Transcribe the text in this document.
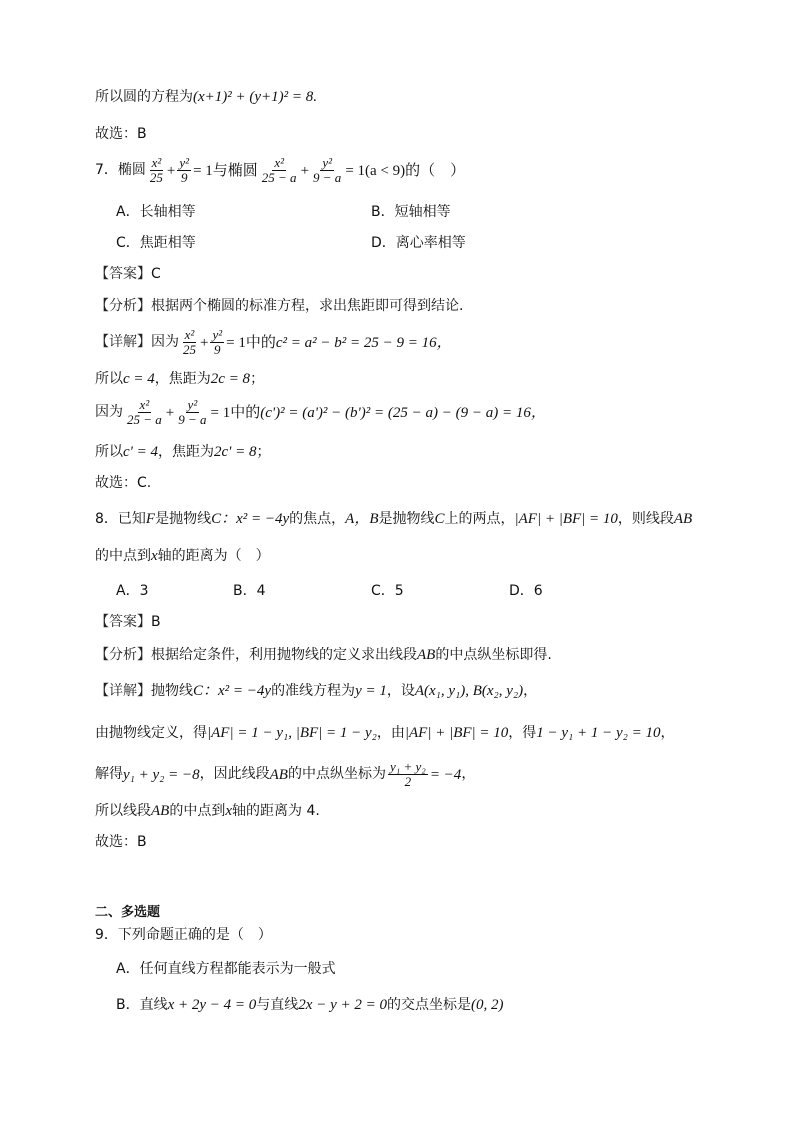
所以圆的方程为 (x+1)² + (y+1)² = 8.
故选：B
7．椭圆 $\frac{\text{x²}}{25} + \frac{\text{y²}}{9} = 1$与椭圆 $\frac{\text{x²}}{25 - a} + \frac{\text{y²}}{9 - a} = 1(a < 9)$的（　）
A．长轴相等	B．短轴相等
C．焦距相等	D．离心率相等
【 答案 】	C
【 分析 】	根据两个椭圆的标准方程，求出焦距即可得到结论.
【 详解 】	因为 $\frac{\text{x²}}{25} + \frac{\text{y²}}{9} = 1$中的 c² = a² − b² = 25 − 9 = 16，
所以 c = 4 ，焦距为 2c = 8 ；
因为 $\frac{\text{x²}}{25 - a} + \frac{\text{y²}}{9 - a} = 1$中的 (c')² = (a')² − (b')² = (25 − a) − (9 − a) = 16，
所以 c' = 4 ，焦距为 2c' = 8 ；
故选：C.
8．已知 F 是抛物线 C：x² = −4y 的焦点， A，B 是抛物线 C 上的两点， |AF| + |BF| = 10 ，则线段 AB
的中点到 x 轴的距离为（　）
A．3	B．4	C．5	D．6
【 答案 】	B
【 分析 】	根据给定条件，利用抛物线的定义求出线段 AB 的中点纵坐标即得.
【 详解 】	抛物线 C：x² = −4y 的准线方程为 y = 1 ，设 A(x₁, y₁), B(x₂, y₂) ，
由抛物线定义，得 |AF| = 1 − y₁, |BF| = 1 − y₂ ，由 |AF| + |BF| = 10 ，得 1 − y₁ + 1 − y₂ = 10 ，
解得 y₁ + y₂ = −8 ，因此线段 AB 的中点纵坐标为 $\frac{\text{y₁ + y₂}}{2} = -4$ ，
所以线段 AB 的中点到 x 轴的距离为 4.
故选：B
二、多选题
9．下列命题正确的是（　）
A．任何直线方程都能表示为一般式
B．直线 x + 2y − 4 = 0 与直线 2x − y + 2 = 0 的交点坐标是 (0, 2)
